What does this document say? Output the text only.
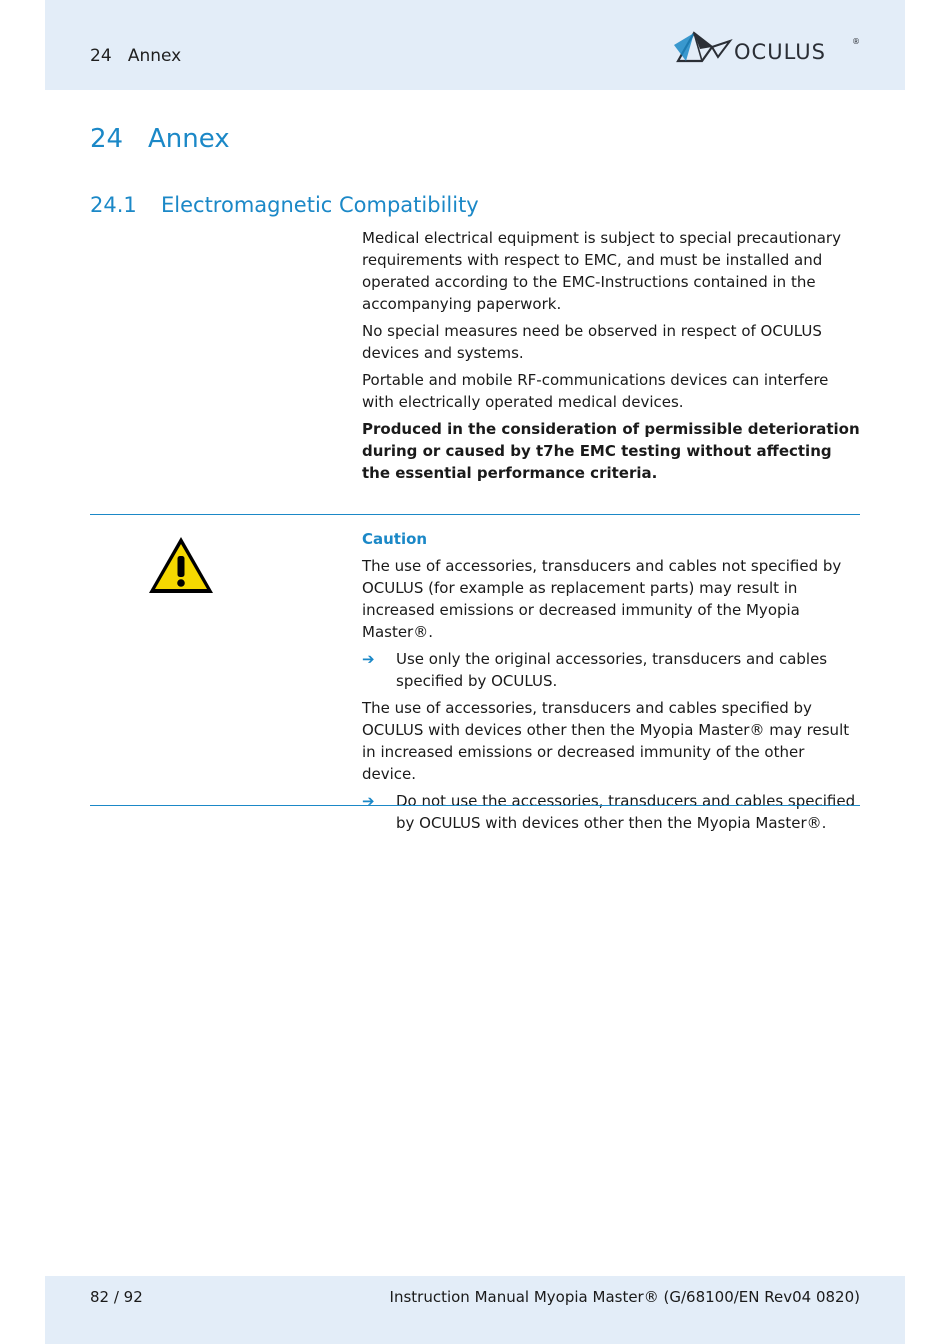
24   Annex	OCULUS	®
24 Annex
24.1 Electromagnetic Compatibility

Medical electrical equipment is subject to special precautionary requirements with respect to EMC, and must be installed and operated according to the EMC-Instructions contained in the accompanying paperwork.

No special measures need be observed in respect of OCULUS devices and systems.

Portable and mobile RF-communications devices can interfere with electrically operated medical devices.

Produced in the consideration of permissible deterioration during or caused by t7he EMC testing without affecting the essential performance criteria.

Caution

The use of accessories, transducers and cables not specified by OCULUS (for example as replacement parts) may result in increased emissions or decreased immunity of the Myopia Master®.

➔ Use only the original accessories, transducers and cables specified by OCULUS.

The use of accessories, transducers and cables specified by OCULUS with devices other then the Myopia Master® may result in increased emissions or decreased immunity of the other device.

➔ Do not use the accessories, transducers and cables specified by OCULUS with devices other then the Myopia Master®.
82 / 92	Instruction Manual Myopia Master® (G/68100/EN Rev04 0820)
